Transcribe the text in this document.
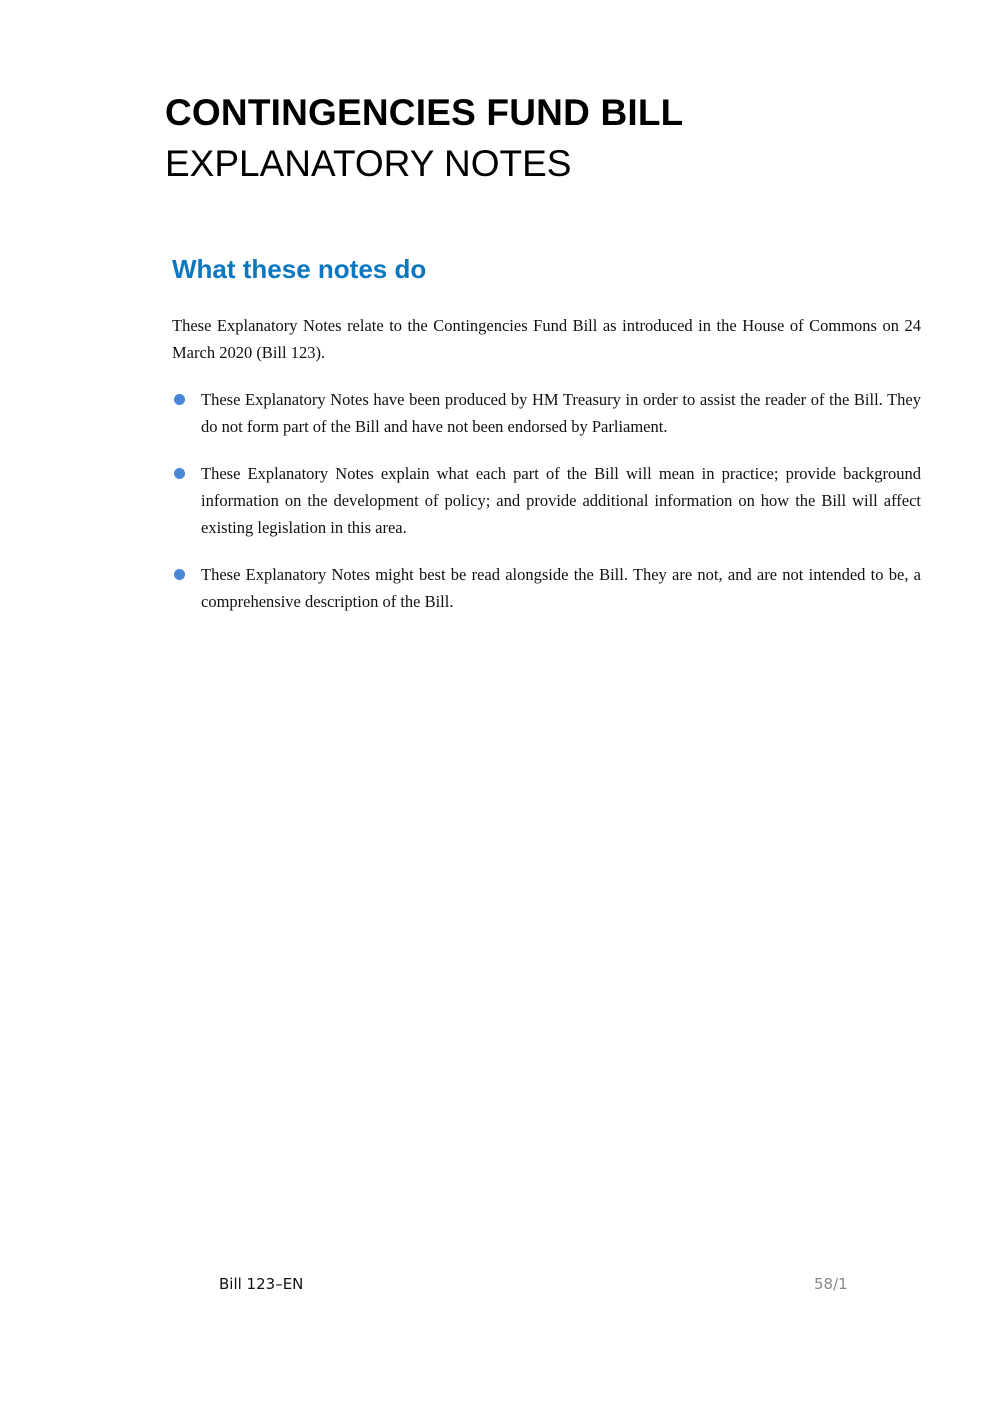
CONTINGENCIES FUND BILL
EXPLANATORY NOTES
What these notes do

These Explanatory Notes relate to the Contingencies Fund Bill as introduced in the House of Commons on 24 March 2020 (Bill 123).

These Explanatory Notes have been produced by HM Treasury in order to assist the reader of the Bill. They do not form part of the Bill and have not been endorsed by Parliament.
These Explanatory Notes explain what each part of the Bill will mean in practice; provide background information on the development of policy; and provide additional information on how the Bill will affect existing legislation in this area.
These Explanatory Notes might best be read alongside the Bill. They are not, and are not intended to be, a comprehensive description of the Bill.
Bill 123–EN	58/1
